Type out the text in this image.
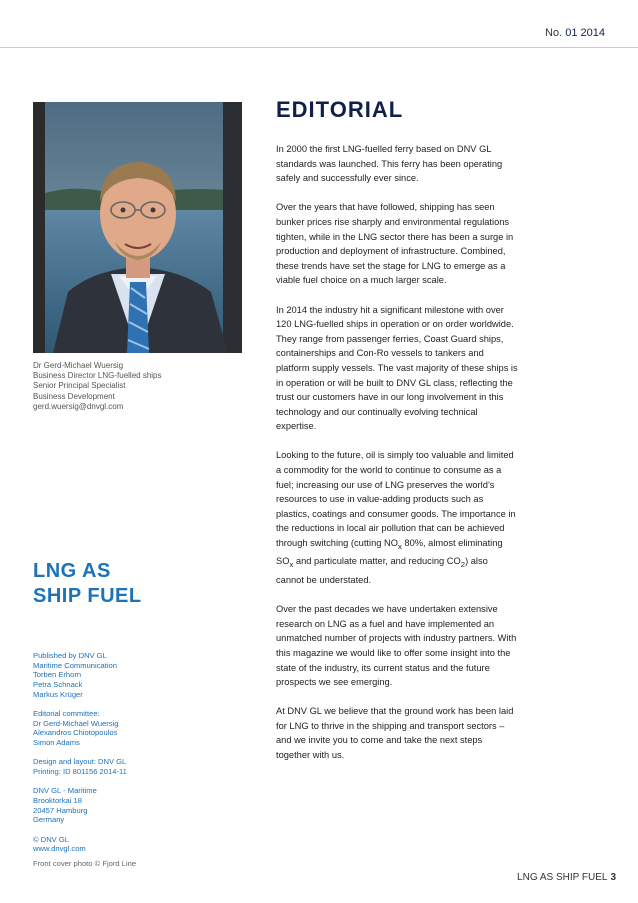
No. 01 2014
Dr Gerd-Michael Wuersig
Business Director LNG-fuelled ships
Senior Principal Specialist
Business Development
gerd.wuersig@dnvgl.com
LNG AS
SHIP FUEL
Published by DNV GL
Maritime Communication
Torben Erhorn
Petra Schnack
Markus Krüger
Editorial committee:
Dr Gerd-Michael Wuersig
Alexandros Chiotopoulos
Simon Adams
Design and layout: DNV GL
Printing: ID 801156 2014-11
DNV GL - Maritime
Brooktorkai 18
20457 Hamburg
Germany
© DNV GL
www.dnvgl.com
Front cover photo © Fjord Line
EDITORIAL

In 2000 the first LNG-fuelled ferry based on DNV GL standards was launched. This ferry has been operating safely and successfully ever since.

Over the years that have followed, shipping has seen bunker prices rise sharply and environmental regulations tighten, while in the LNG sector there has been a surge in production and deployment of infrastructure. Combined, these trends have set the stage for LNG to emerge as a viable fuel choice on a much larger scale.

In 2014 the industry hit a significant milestone with over 120 LNG-fuelled ships in operation or on order worldwide. They range from passenger ferries, Coast Guard ships, containerships and Con-Ro vessels to tankers and platform supply vessels. The vast majority of these ships is in operation or will be built to DNV GL class, reflecting the trust our customers have in our long involvement in this technology and our continually evolving technical expertise.

Looking to the future, oil is simply too valuable and limited a commodity for the world to continue to consume as a fuel; increasing our use of LNG preserves the world’s resources to use in value-adding products such as plastics, coatings and consumer goods. The importance in the reductions in local air pollution that can be achieved through switching (cutting $NO_x$ 80%, almost eliminating $SO_x$ and particulate matter, and reducing $CO_2$) also cannot be understated.

Over the past decades we have undertaken extensive research on LNG as a fuel and have implemented an unmatched number of projects with industry partners. With this magazine we would like to offer some insight into the state of the industry, its current status and the future prospects we see emerging.

At DNV GL we believe that the ground work has been laid for LNG to thrive in the shipping and transport sectors – and we invite you to come and take the next steps together with us.

LNG AS SHIP FUEL 3
